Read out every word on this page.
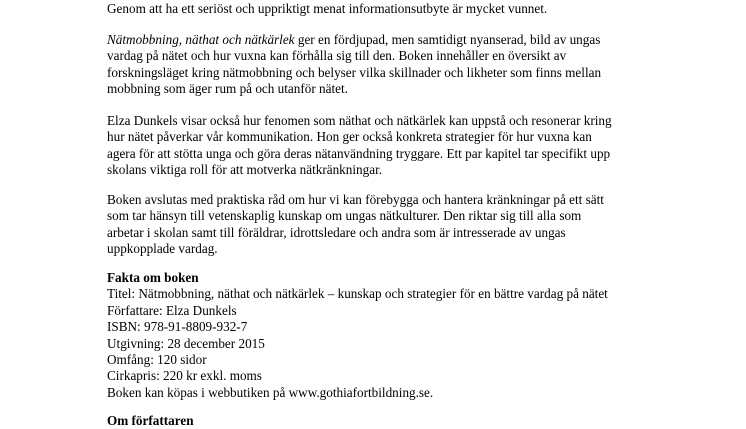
Genom att ha ett seriöst och uppriktigt menat informationsutbyte är mycket vunnet.

Nätmobbning, näthat och nätkärlek ger en fördjupad, men samtidigt nyanserad, bild av ungas
vardag på nätet och hur vuxna kan förhålla sig till den. Boken innehåller en översikt av
forskningsläget kring nätmobbning och belyser vilka skillnader och likheter som finns mellan
mobbning som äger rum på och utanför nätet.

Elza Dunkels visar också hur fenomen som näthat och nätkärlek kan uppstå och resonerar kring
hur nätet påverkar vår kommunikation. Hon ger också konkreta strategier för hur vuxna kan
agera för att stötta unga och göra deras nätanvändning tryggare. Ett par kapitel tar specifikt upp
skolans viktiga roll för att motverka nätkränkningar.

Boken avslutas med praktiska råd om hur vi kan förebygga och hantera kränkningar på ett sätt
som tar hänsyn till vetenskaplig kunskap om ungas nätkulturer. Den riktar sig till alla som
arbetar i skolan samt till föräldrar, idrottsledare och andra som är intresserade av ungas
uppkopplade vardag.

Fakta om boken
Titel: Nätmobbning, näthat och nätkärlek – kunskap och strategier för en bättre vardag på nätet
Författare: Elza Dunkels
ISBN: 978-91-8809-932-7
Utgivning: 28 december 2015
Omfång: 120 sidor
Cirkapris: 220 kr exkl. moms
Boken kan köpas i webbutiken på www.gothiafortbildning.se.
Om författaren
